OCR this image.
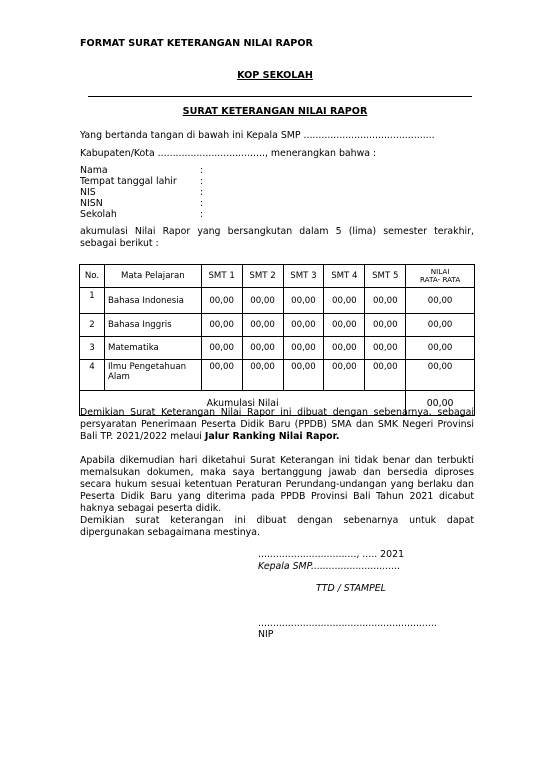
FORMAT SURAT KETERANGAN NILAI RAPOR
KOP SEKOLAH
SURAT KETERANGAN NILAI RAPOR
Yang bertanda tangan di bawah ini Kepala SMP ............................................
Kabupaten/Kota ...................................., menerangkan bahwa :
Nama	:
Tempat tanggal lahir :
NIS	:
NISN	:
Sekolah	:
akumulasi Nilai Rapor yang bersangkutan dalam 5 (lima) semester terakhir, sebagai berikut :
No.	Mata Pelajaran	SMT 1	SMT 2	SMT 3	SMT 4	SMT 5	NILAI
RATA- RATA

1	Bahasa Indonesia	00,00	00,00	00,00	00,00	00,00	00,00
2	Bahasa Inggris	00,00	00,00	00,00	00,00	00,00	00,00
3	Matematika	00,00	00,00	00,00	00,00	00,00	00,00
4	Ilmu Pengetahuan Alam	00,00	00,00	00,00	00,00	00,00	00,00
Akumulasi Nilai							00,00
Demikian Surat Keterangan Nilai Rapor ini dibuat dengan sebenarnya, sebagai persyaratan Penerimaan Peserta Didik Baru (PPDB) SMA dan SMK Negeri Provinsi Bali TP. 2021/2022 melaui Jalur Ranking Nilai Rapor.
Apabila dikemudian hari diketahui Surat Keterangan ini tidak benar dan terbukti memalsukan dokumen, maka saya bertanggung jawab dan bersedia diproses secara hukum sesuai ketentuan Peraturan Perundang-undangan yang berlaku dan Peserta Didik Baru yang diterima pada PPDB Provinsi Bali Tahun 2021 dicabut haknya sebagai peserta didik.
Demikian surat keterangan ini dibuat dengan sebenarnya untuk dapat dipergunakan sebagaimana mestinya.
................................., ..... 2021
Kepala SMP..............................
TTD / STAMPEL
............................................................
NIP
